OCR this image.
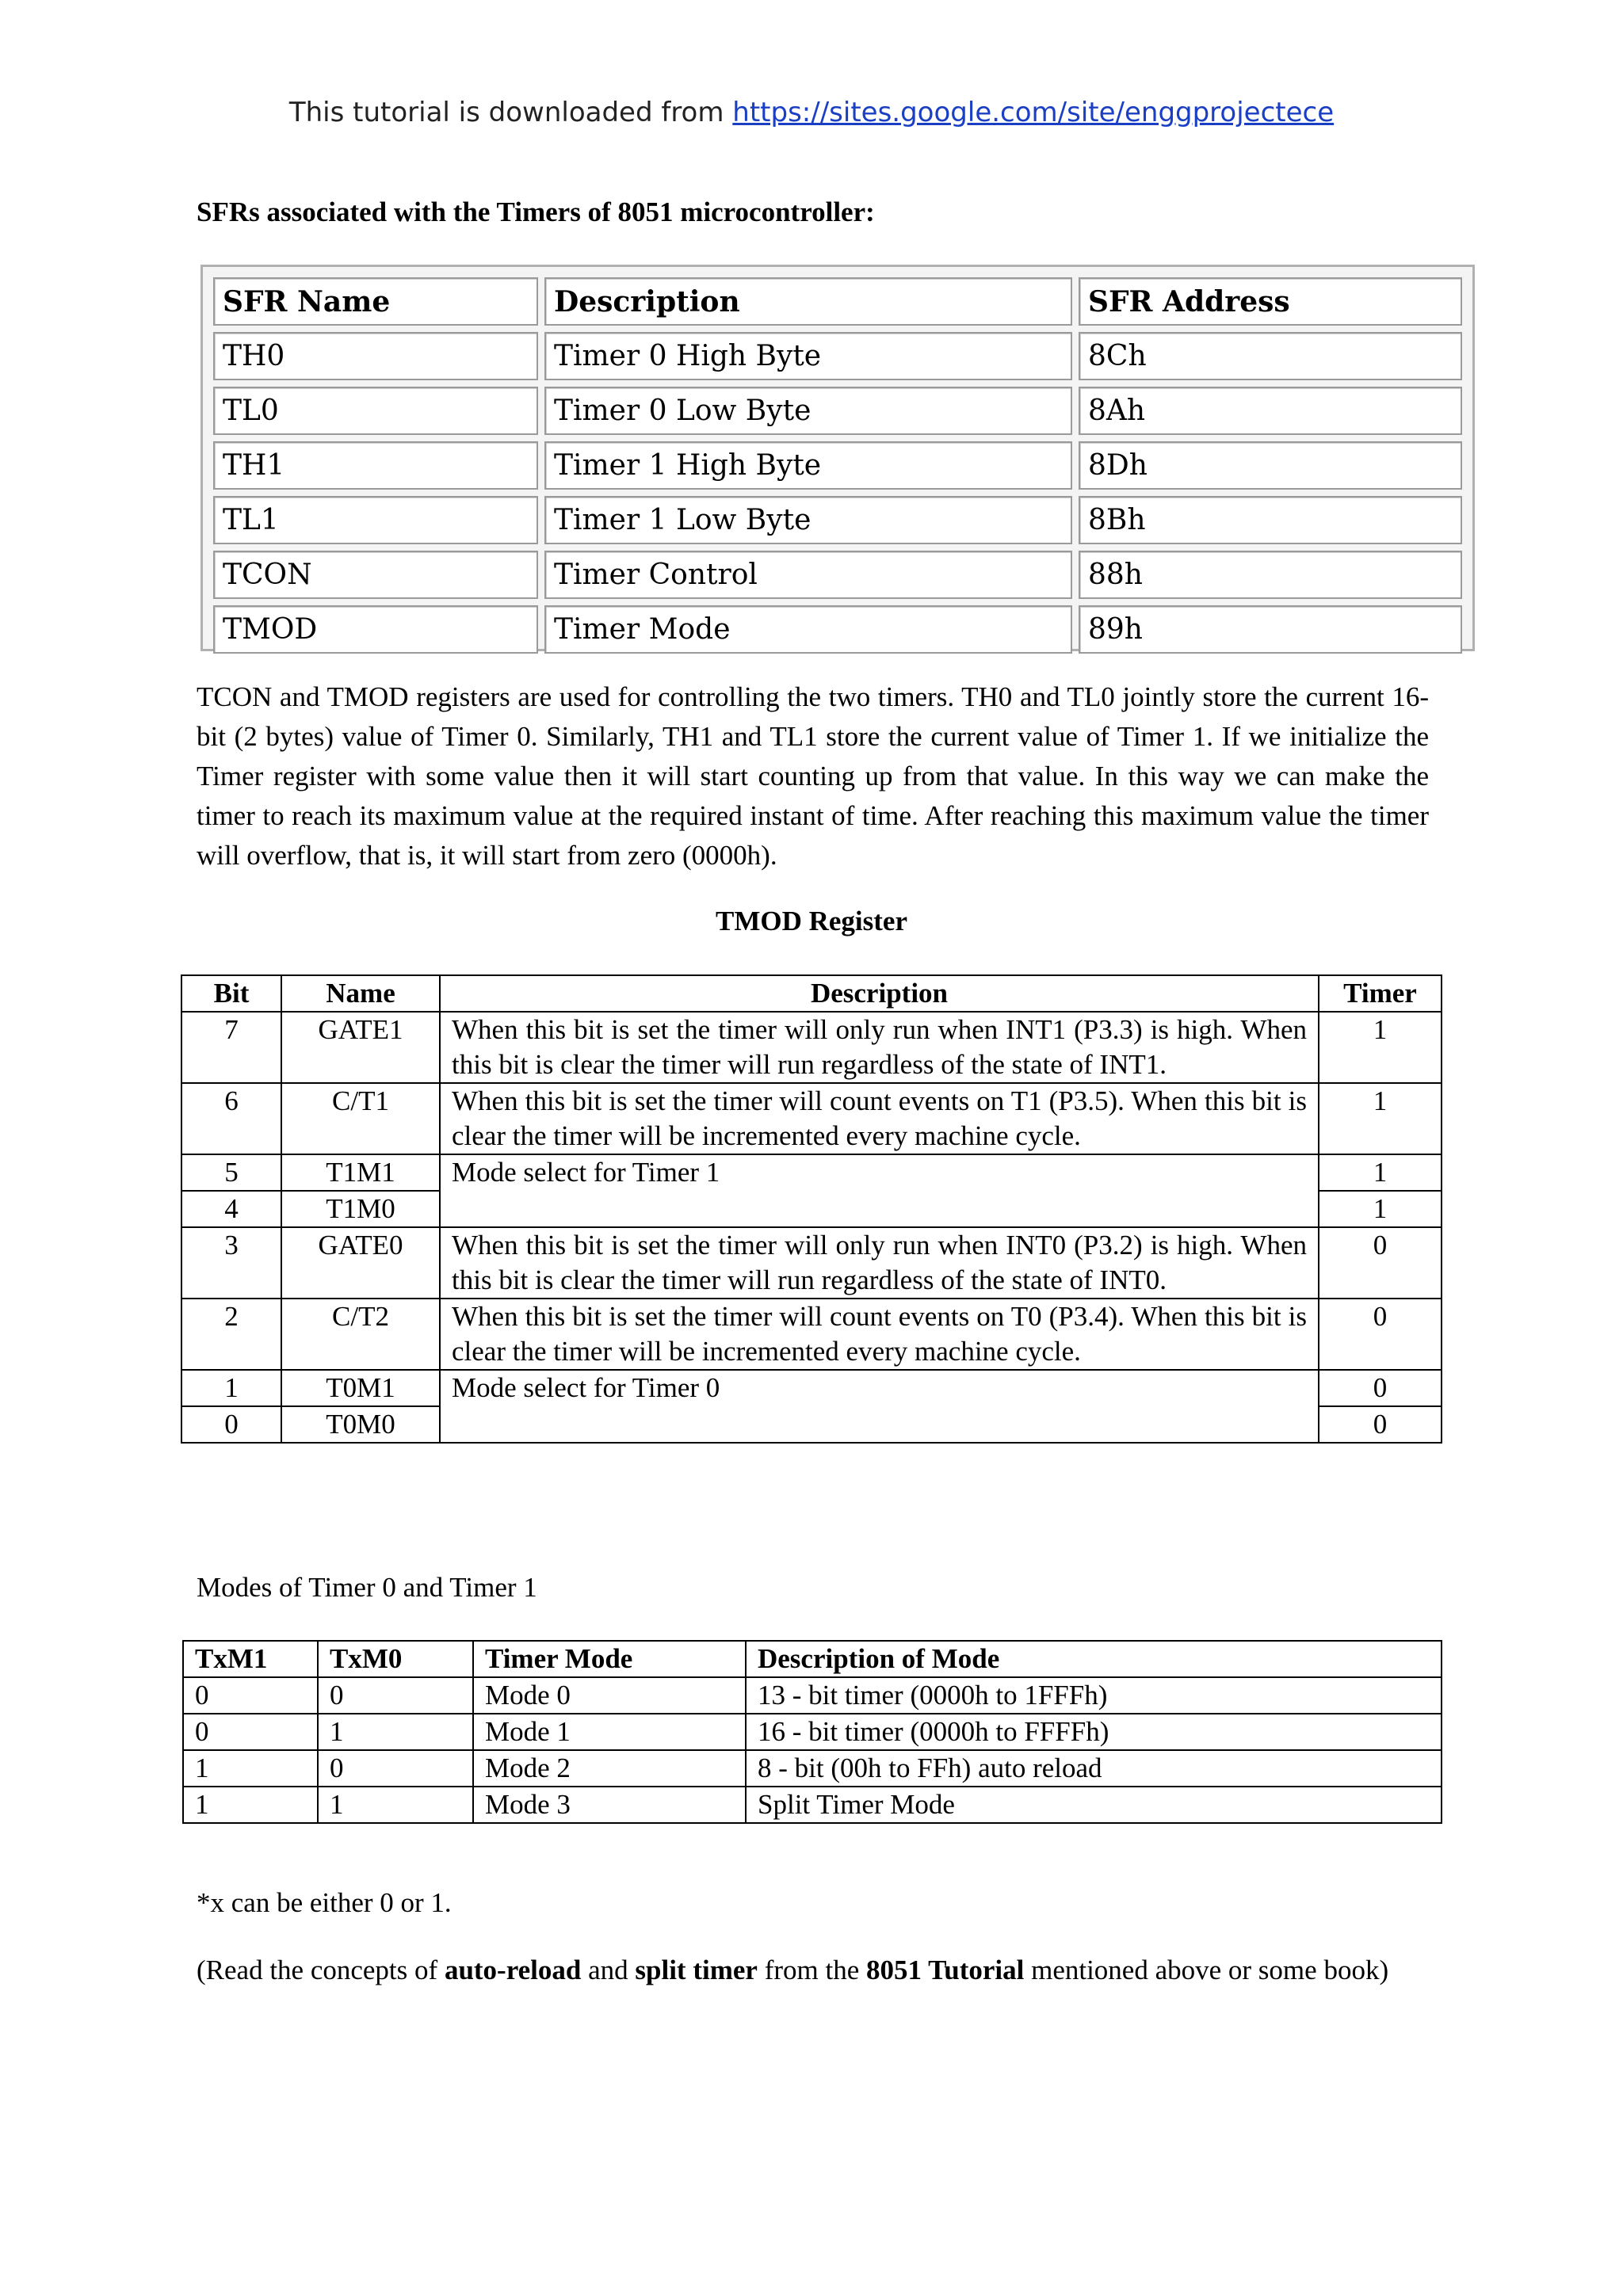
This tutorial is downloaded from https://sites.google.com/site/enggprojectece
SFRs associated with the Timers of 8051 microcontroller:
SFR Name	Description	SFR Address
TH0	Timer 0 High Byte	8Ch
TL0	Timer 0 Low Byte	8Ah
TH1	Timer 1 High Byte	8Dh
TL1	Timer 1 Low Byte	8Bh
TCON	Timer Control	88h
TMOD	Timer Mode	89h
TCON and TMOD registers are used for controlling the two timers. TH0 and TL0 jointly store the current 16-bit (2 bytes) value of Timer 0. Similarly, TH1 and TL1 store the current value of Timer 1. If we initialize the Timer register with some value then it will start counting up from that value. In this way we can make the timer to reach its maximum value at the required instant of time. After reaching this maximum value the timer will overflow, that is, it will start from zero (0000h).
TMOD Register
Bit	Name	Description	Timer
7	GATE1	When this bit is set the timer will only run when INT1 (P3.3) is high. When this bit is clear the timer will run regardless of the state of INT1.	1
6	C/T1	When this bit is set the timer will count events on T1 (P3.5). When this bit is clear the timer will be incremented every machine cycle.	1
5	T1M1	Mode select for Timer 1	1
4	T1M0		1
3	GATE0	When this bit is set the timer will only run when INT0 (P3.2) is high. When this bit is clear the timer will run regardless of the state of INT0.	0
2	C/T2	When this bit is set the timer will count events on T0 (P3.4). When this bit is clear the timer will be incremented every machine cycle.	0
1	T0M1	Mode select for Timer 0	0
0	T0M0		0
Modes of Timer 0 and Timer 1
TxM1	TxM0	Timer Mode	Description of Mode
0	0	Mode 0	13 - bit timer (0000h to 1FFFh)
0	1	Mode 1	16 - bit timer (0000h to FFFFh)
1	0	Mode 2	8 - bit (00h to FFh) auto reload
1	1	Mode 3	Split Timer Mode
*x can be either 0 or 1.
(Read the concepts of auto-reload and split timer from the 8051 Tutorial mentioned above or some book)
